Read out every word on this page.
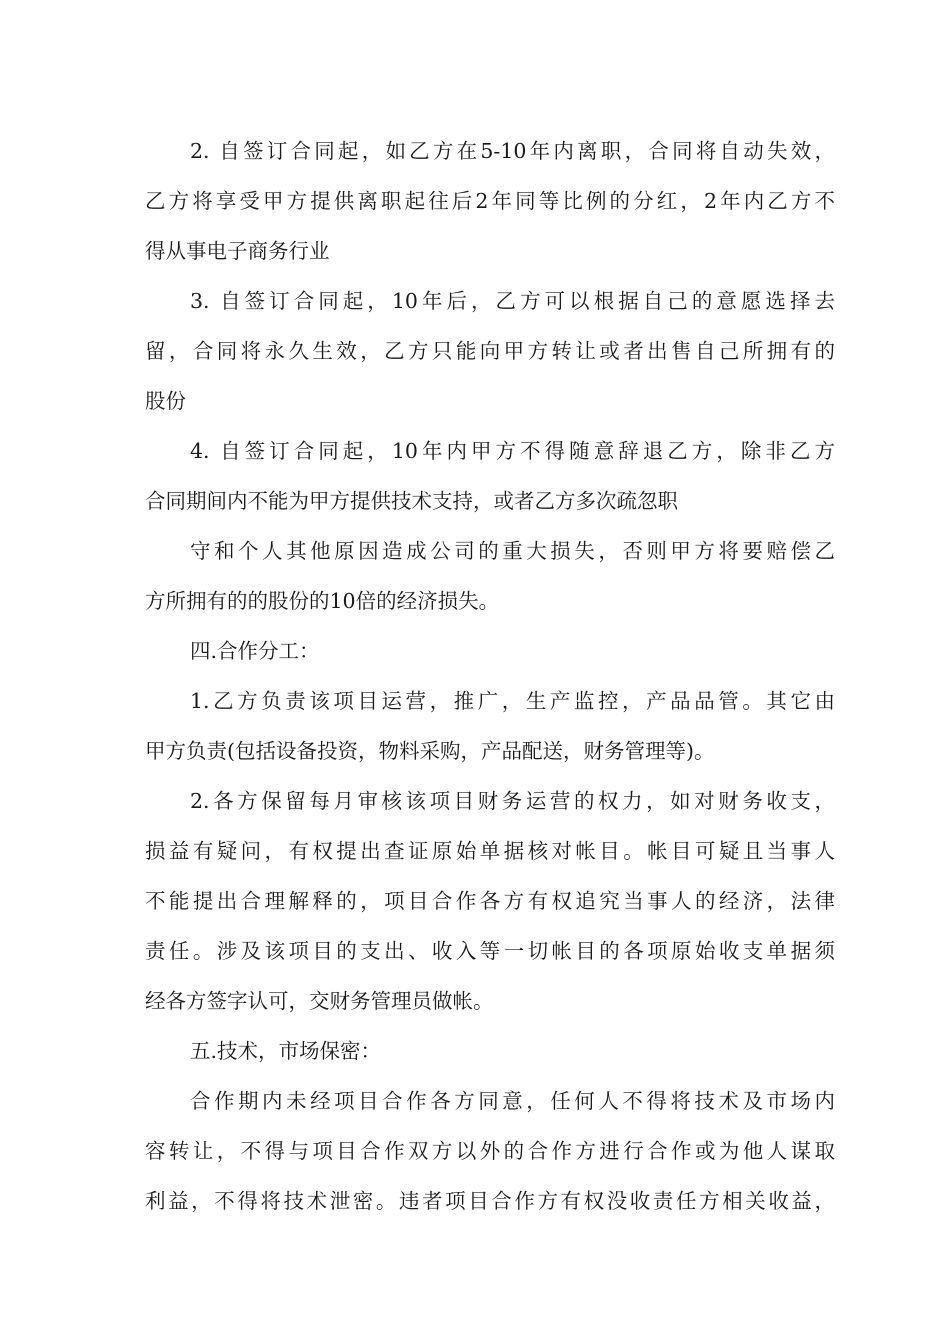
2. 自签订合同起，如乙方在5-10年内离职，合同将自动失效，
乙方将享受甲方提供离职起往后2年同等比例的分红，2年内乙方不
得从事电子商务行业
3. 自签订合同起，10年后，乙方可以根据自己的意愿选择去
留，合同将永久生效，乙方只能向甲方转让或者出售自己所拥有的
股份
4. 自签订合同起，10年内甲方不得随意辞退乙方，除非乙方
合同期间内不能为甲方提供技术支持，或者乙方多次疏忽职
守和个人其他原因造成公司的重大损失，否则甲方将要赔偿乙
方所拥有的的股份的10倍的经济损失。
四.合作分工：
1.乙方负责该项目运营，推广，生产监控，产品品管。其它由
甲方负责(包括设备投资，物料采购，产品配送，财务管理等)。
2.各方保留每月审核该项目财务运营的权力，如对财务收支，
损益有疑问，有权提出查证原始单据核对帐目。帐目可疑且当事人
不能提出合理解释的，项目合作各方有权追究当事人的经济，法律
责任。涉及该项目的支出、收入等一切帐目的各项原始收支单据须
经各方签字认可，交财务管理员做帐。
五.技术，市场保密：
合作期内未经项目合作各方同意，任何人不得将技术及市场内
容转让，不得与项目合作双方以外的合作方进行合作或为他人谋取
利益，不得将技术泄密。违者项目合作方有权没收责任方相关收益，
